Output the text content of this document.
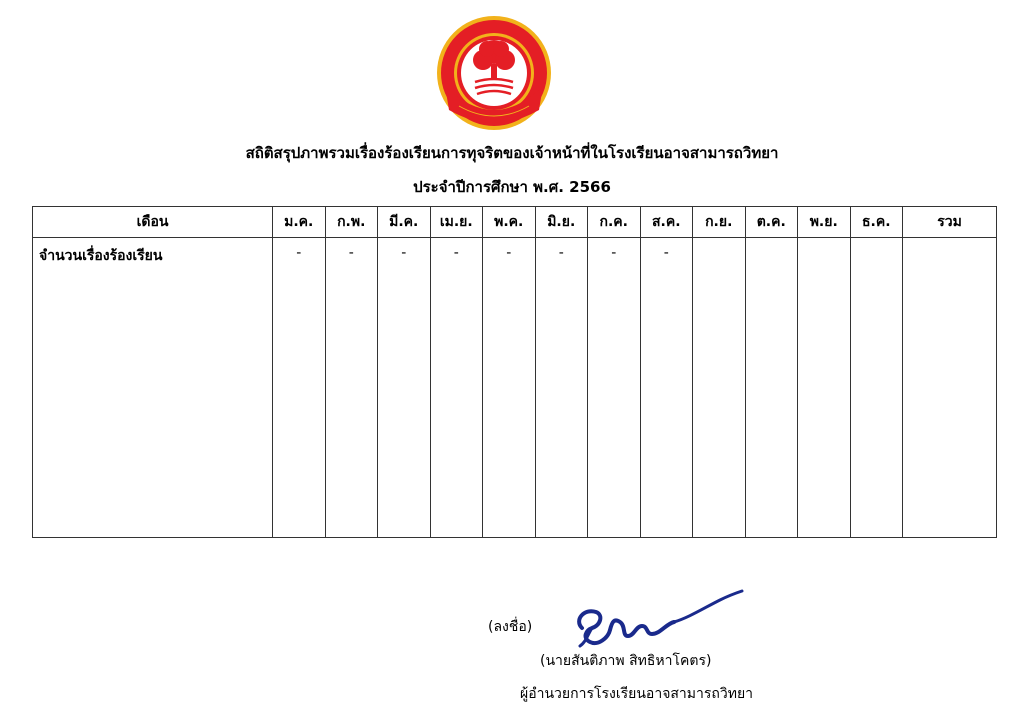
สถิติสรุปภาพรวมเรื่องร้องเรียนการทุจริตของเจ้าหน้าที่ในโรงเรียนอาจสามารถวิทยา
ประจำปีการศึกษา พ.ศ. 2566
เดือน	ม.ค.	ก.พ.	มี.ค.	เม.ย.	พ.ค.	มิ.ย.	ก.ค.	ส.ค.	ก.ย.	ต.ค.	พ.ย.	ธ.ค.	รวม
จำนวนเรื่องร้องเรียน	-	-	-	-	-	-	-	-					
(ลงชื่อ)
(นายสันติภาพ สิทธิหาโคตร)
ผู้อำนวยการโรงเรียนอาจสามารถวิทยา
